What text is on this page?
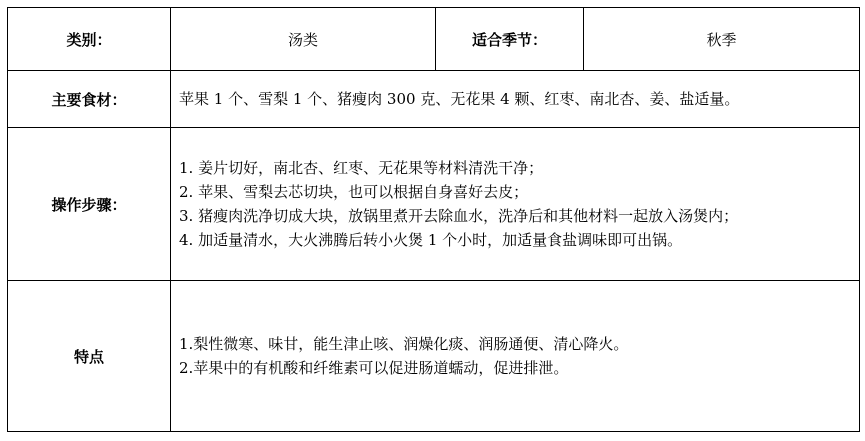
类别：	汤类	适合季节：	秋季
主要食材：	苹果 1 个、雪梨 1 个、猪瘦肉 300 克、无花果 4 颗、红枣、南北杏、姜、盐适量。		
操作步骤：	1. 姜片切好，南北杏、红枣、无花果等材料清洗干净；
2. 苹果、雪梨去芯切块，也可以根据自身喜好去皮；
3. 猪瘦肉洗净切成大块，放锅里煮开去除血水，洗净后和其他材料一起放入汤煲内；
4. 加适量清水，大火沸腾后转小火煲 1 个小时，加适量食盐调味即可出锅。		

特点	1.梨性微寒、味甘，能生津止咳、润燥化痰、润肠通便、清心降火。
2.苹果中的有机酸和纤维素可以促进肠道蠕动，促进排泄。		
